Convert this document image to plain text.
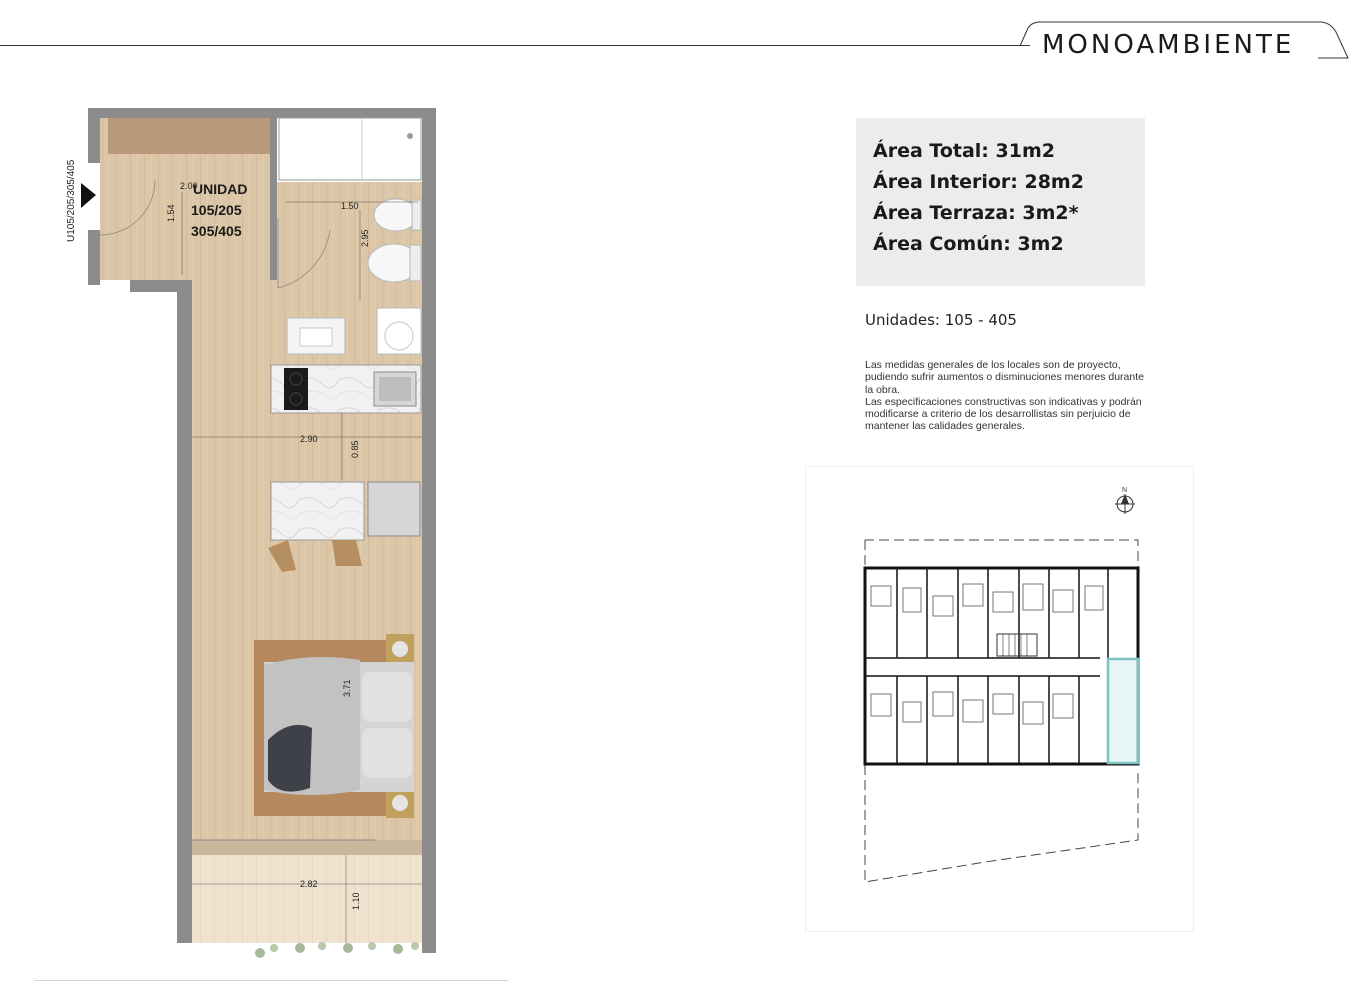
MONOAMBIENTE
U105/205/305/405	UNIDAD
105/205
305/405
2.00
1.54	1.50
2.95
2.90
0.85
3.71
2.82
1.10
Área Total: 31m2
Área Interior: 28m2
Área Terraza: 3m2*
Área Común: 3m2
Unidades: 105 - 405

Las medidas generales de los locales son de proyecto, pudiendo sufrir aumentos o disminuciones menores durante la obra.

Las especificaciones constructivas son indicativas y podrán modificarse a criterio de los desarrollistas sin perjuicio de mantener las calidades generales.

N
